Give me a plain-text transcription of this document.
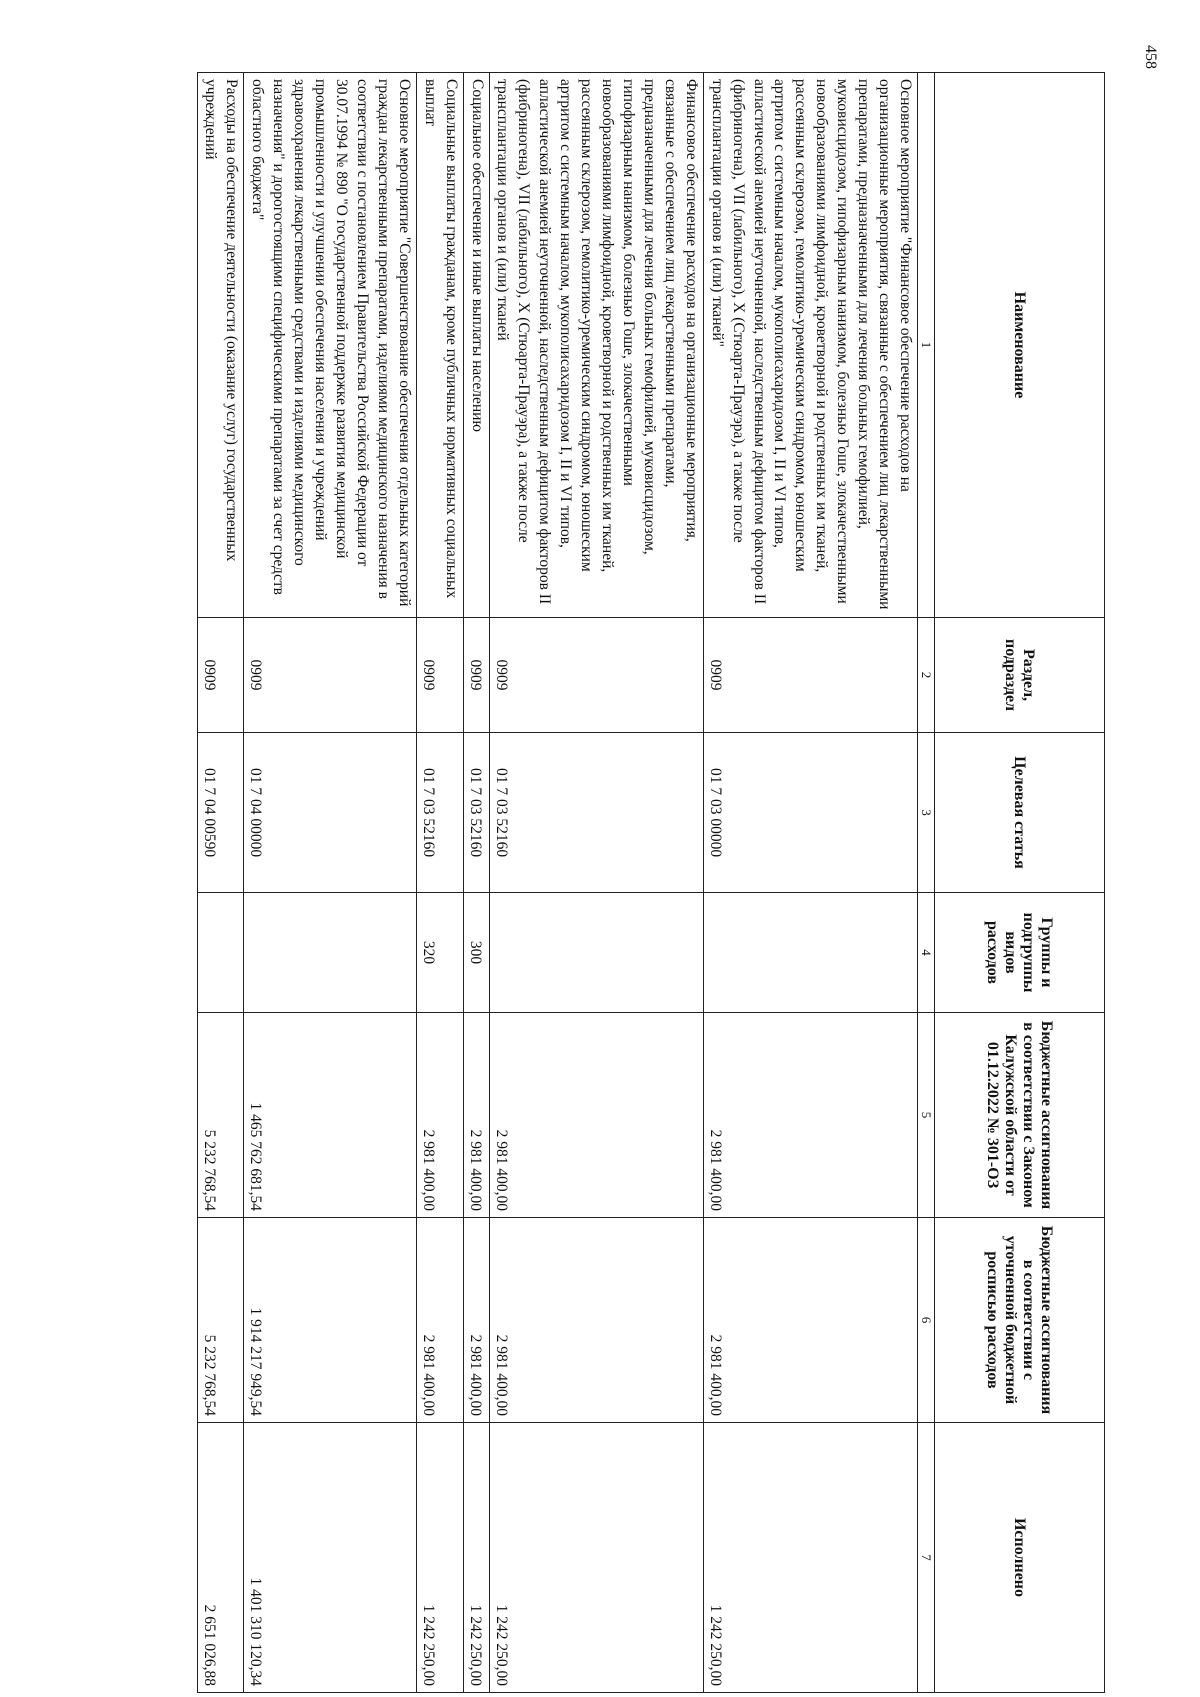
458
Наименование	Раздел, подраздел	Целевая статья	Группы и подгруппы видов расходов	Бюджетные ассигнования в соответствии с Законом Калужской области от 01.12.2022 № 301-ОЗ	Бюджетные ассигнования в соответствии с уточненной бюджетной росписью расходов	Исполнено
1	2	3	4	5	6	7
Основное мероприятие "Финансовое обеспечение расходов на организационные мероприятия, связанные с обеспечением лиц лекарственными препаратами, предназначенными для лечения больных гемофилией, муковисцидозом, гипофизарным нанизмом, болезнью Гоше, злокачественными новообразованиями лимфоидной, кроветворной и родственных им тканей, рассеянным склерозом, гемолитико-уремическим синдромом, юношеским артритом с системным началом, мукополисахаридозом I, II и VI типов, апластической анемией неуточненной, наследственным дефицитом факторов II (фибриногена), VII (лабильного), X (Стюарта-Прауэра), а также после трансплантации органов и (или) тканей"	0909	01 7 03 00000		2 981 400,00	2 981 400,00	1 242 250,00
Финансовое обеспечение расходов на организационные мероприятия, связанные с обеспечением лиц лекарственными препаратами, предназначенными для лечения больных гемофилией, муковисцидозом, гипофизарным нанизмом, болезнью Гоше, злокачественными новообразованиями лимфоидной, кроветворной и родственных им тканей, рассеянным склерозом, гемолитико-уремическим синдромом, юношеским артритом с системным началом, мукополисахаридозом I, II и VI типов, апластической анемией неуточненной, наследственным дефицитом факторов II (фибриногена), VII (лабильного), X (Стюарта-Прауэра), а также после трансплантации органов и (или) тканей	0909	01 7 03 52160		2 981 400,00	2 981 400,00	1 242 250,00
Социальное обеспечение и иные выплаты населению	0909	01 7 03 52160	300	2 981 400,00	2 981 400,00	1 242 250,00
Социальные выплаты гражданам, кроме публичных нормативных социальных выплат	0909	01 7 03 52160	320	2 981 400,00	2 981 400,00	1 242 250,00
Основное мероприятие "Совершенствование обеспечения отдельных категорий граждан лекарственными препаратами, изделиями медицинского назначения в соответствии с постановлением Правительства Российской Федерации от 30.07.1994 № 890 "О государственной поддержке развития медицинской промышленности и улучшении обеспечения населения и учреждений здравоохранения лекарственными средствами и изделиями медицинского назначения" и дорогостоящими специфическими препаратами за счет средств областного бюджета"	0909	01 7 04 00000		1 465 762 681,54	1 914 217 949,54	1 401 310 120,34
Расходы на обеспечение деятельности (оказание услуг) государственных учреждений	0909	01 7 04 00590		5 232 768,54	5 232 768,54	2 651 026,88
